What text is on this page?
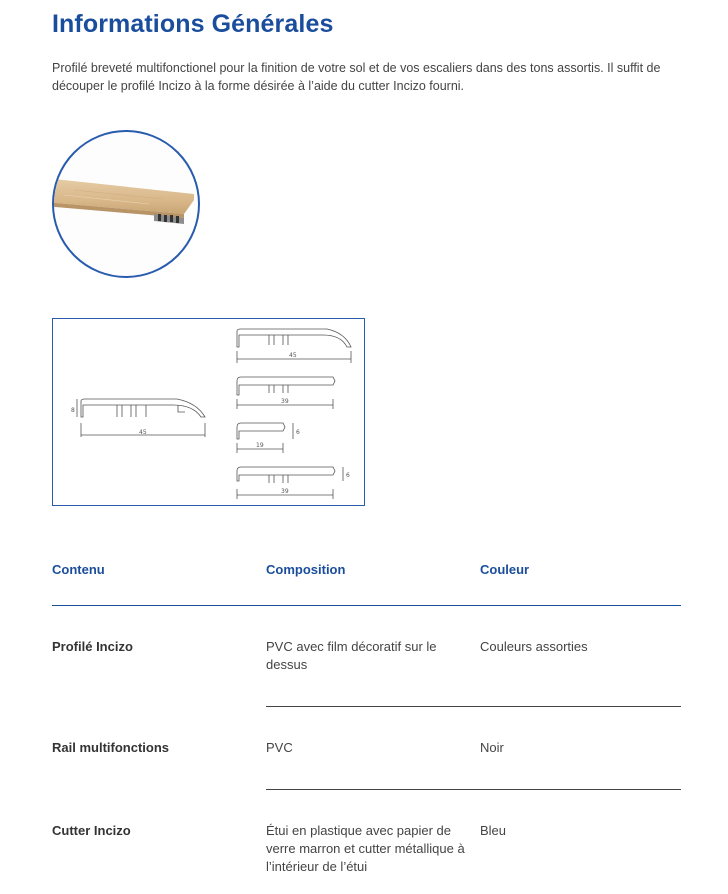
Informations Générales

Profilé breveté multifonctionel pour la finition de votre sol et de vos escaliers dans des tons assortis. Il suffit de découper le profilé Incizo à la forme désirée à l’aide du cutter Incizo fourni.

8
45
45
39
19
6
39
6
Contenu	Composition	Couleur

Profilé Incizo	PVC avec film décoratif sur le dessus	Couleurs assorties

Rail multifonctions	PVC	Noir

Cutter Incizo	Étui en plastique avec papier de verre marron et cutter métallique à l’intérieur de l’étui	Bleu
